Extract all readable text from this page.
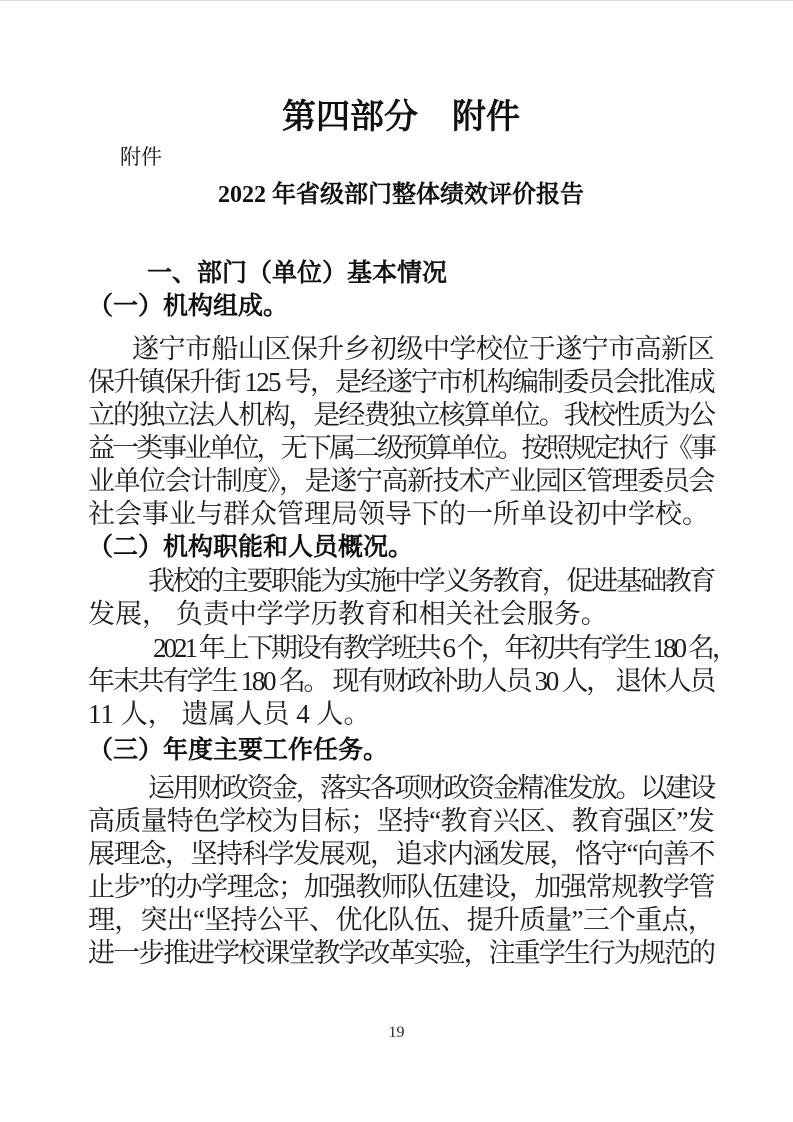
第四部分　附件
附件
2022 年省级部门整体绩效评价报告
一、部门（单位）基本情况
（一）机构组成。
遂宁市船山区保升乡初级中学校位于遂宁市高新区
保升镇保升街 125 号，是经遂宁市机构编制委员会批准成
立的独立法人机构，是经费独立核算单位。我校性质为公
益一类事业单位，无下属二级预算单位。按照规定执行《事
业单位会计制度》，是遂宁高新技术产业园区管理委员会
社会事业与群众管理局领导下的一所单设初中学校。
（二）机构职能和人员概况。
我校的主要职能为实施中学义务教育，促进基础教育
发展， 负责中学学历教育和相关社会服务。
2021 年上下期设有教学班共 6 个，年初共有学生 180 名，
年末共有学生 180 名。 现有财政补助人员 30 人， 退休人员
11 人， 遗属人员 4 人。
（三）年度主要工作任务。
运用财政资金，落实各项财政资金精准发放。以建设
高质量特色学校为目标；坚持“教育兴区、教育强区”发
展理念，坚持科学发展观，追求内涵发展，恪守“向善不
止步”的办学理念；加强教师队伍建设，加强常规教学管
理，突出“坚持公平、优化队伍、提升质量”三个重点，
进一步推进学校课堂教学改革实验，注重学生行为规范的
19
